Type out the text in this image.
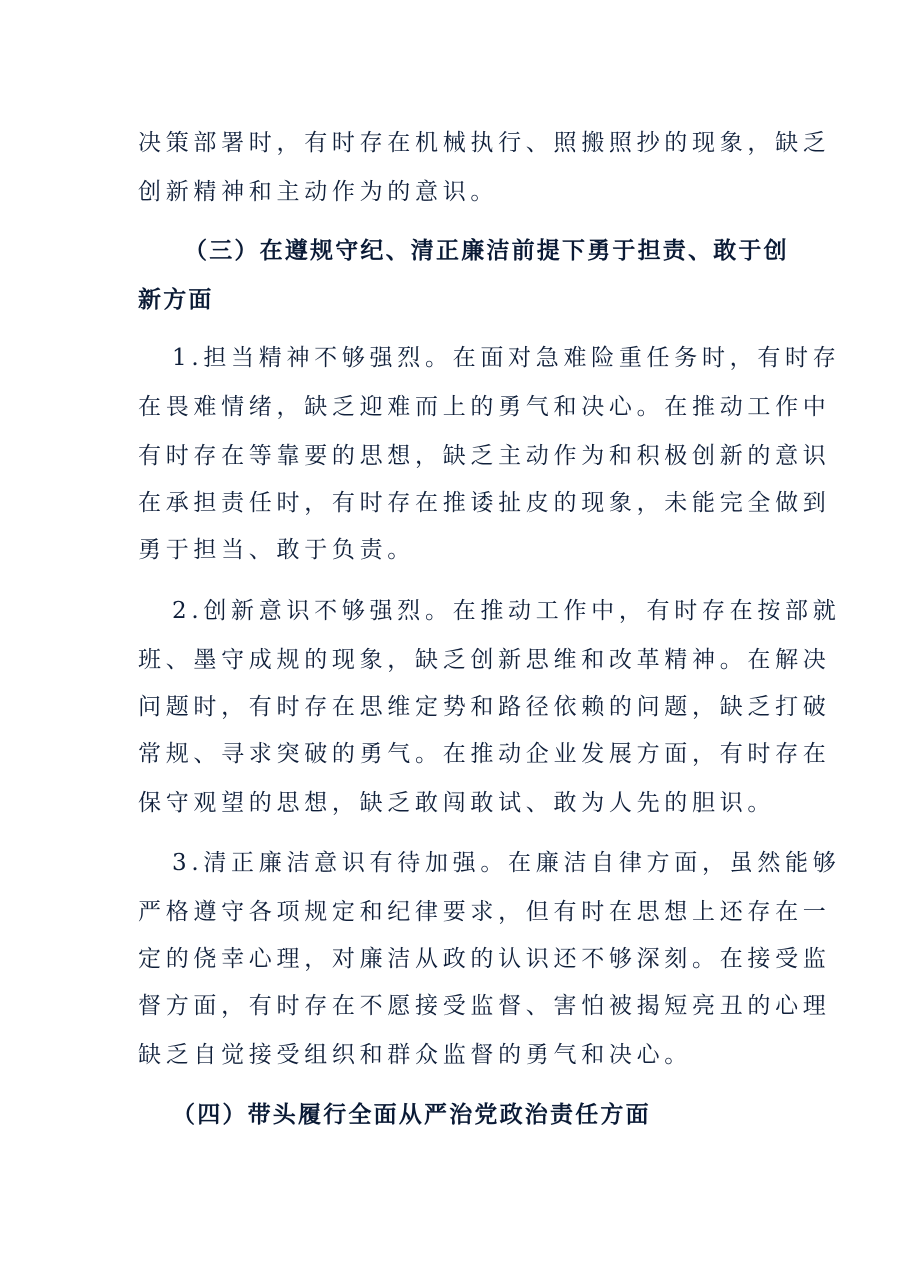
决策部署时，有时存在机械执行、照搬照抄的现象，缺乏
创新精神和主动作为的意识。
（三）在遵规守纪、清正廉洁前提下勇于担责、敢于创
新方面
1.担当精神不够强烈。在面对急难险重任务时，有时存
在畏难情绪，缺乏迎难而上的勇气和决心。在推动工作中
有时存在等靠要的思想，缺乏主动作为和积极创新的意识
在承担责任时，有时存在推诿扯皮的现象，未能完全做到
勇于担当、敢于负责。
2.创新意识不够强烈。在推动工作中，有时存在按部就
班、墨守成规的现象，缺乏创新思维和改革精神。在解决
问题时，有时存在思维定势和路径依赖的问题，缺乏打破
常规、寻求突破的勇气。在推动企业发展方面，有时存在
保守观望的思想，缺乏敢闯敢试、敢为人先的胆识。
3.清正廉洁意识有待加强。在廉洁自律方面，虽然能够
严格遵守各项规定和纪律要求，但有时在思想上还存在一
定的侥幸心理，对廉洁从政的认识还不够深刻。在接受监
督方面，有时存在不愿接受监督、害怕被揭短亮丑的心理
缺乏自觉接受组织和群众监督的勇气和决心。
（四）带头履行全面从严治党政治责任方面
